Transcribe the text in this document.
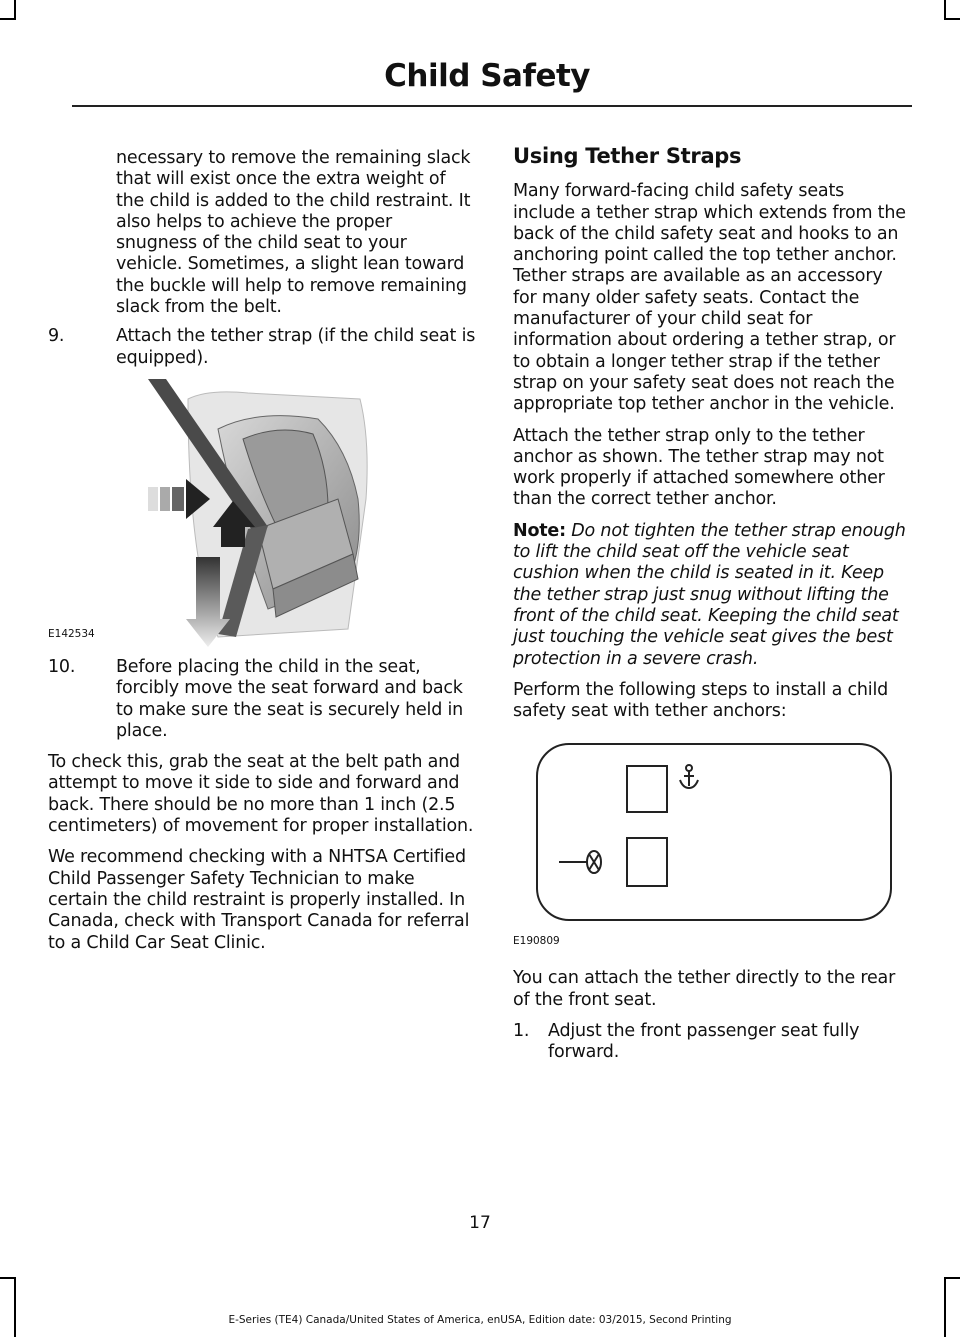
Child Safety

necessary to remove the remaining slack that will exist once the extra weight of the child is added to the child restraint. It also helps to achieve the proper snugness of the child seat to your vehicle. Sometimes, a slight lean toward the buckle will help to remove remaining slack from the belt.

9.	Attach the tether strap (if the child seat is equipped).
E142534
10.	Before placing the child in the seat, forcibly move the seat forward and back to make sure the seat is securely held in place.

To check this, grab the seat at the belt path and attempt to move it side to side and forward and back. There should be no more than 1 inch (2.5 centimeters) of movement for proper installation.

We recommend checking with a NHTSA Certified Child Passenger Safety Technician to make certain the child restraint is properly installed. In Canada, check with Transport Canada for referral to a Child Car Seat Clinic.

Using Tether Straps

Many forward-facing child safety seats include a tether strap which extends from the back of the child safety seat and hooks to an anchoring point called the top tether anchor. Tether straps are available as an accessory for many older safety seats. Contact the manufacturer of your child seat for information about ordering a tether strap, or to obtain a longer tether strap if the tether strap on your safety seat does not reach the appropriate top tether anchor in the vehicle.

Attach the tether strap only to the tether anchor as shown. The tether strap may not work properly if attached somewhere other than the correct tether anchor.

Note: Do not tighten the tether strap enough to lift the child seat off the vehicle seat cushion when the child is seated in it. Keep the tether strap just snug without lifting the front of the child seat. Keeping the child seat just touching the vehicle seat gives the best protection in a severe crash.

Perform the following steps to install a child safety seat with tether anchors:

E190809

You can attach the tether directly to the rear of the front seat.

1.	Adjust the front passenger seat fully forward.
17
E-Series (TE4) Canada/United States of America, enUSA, Edition date: 03/2015, Second Printing
